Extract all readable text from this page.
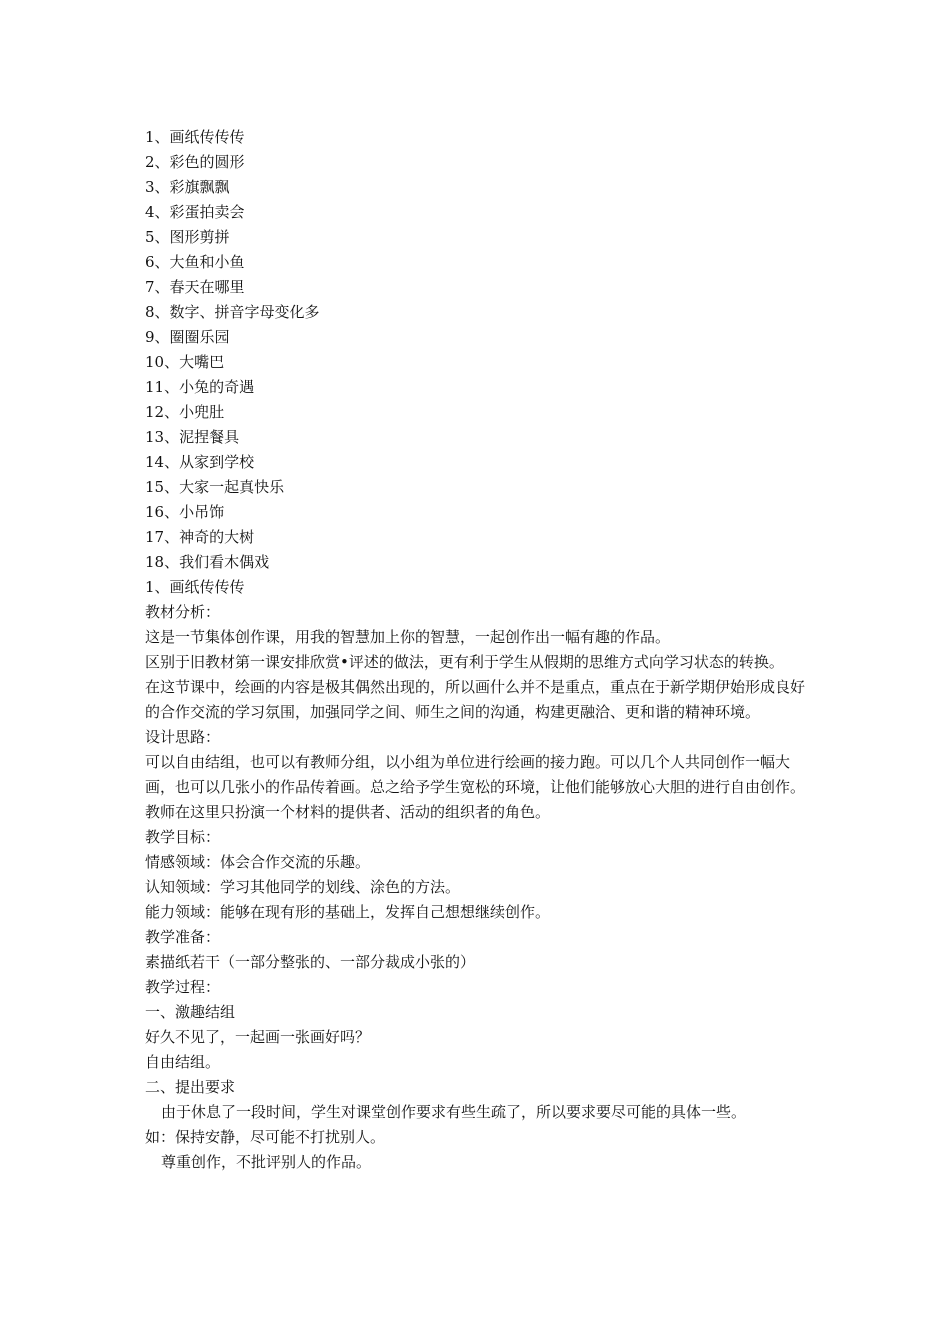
1、画纸传传传
2、彩色的圆形
3、彩旗飘飘
4、彩蛋拍卖会
5、图形剪拼
6、大鱼和小鱼
7、春天在哪里
8、数字、拼音字母变化多
9、圈圈乐园
10、大嘴巴
11、小兔的奇遇
12、小兜肚
13、泥捏餐具
14、从家到学校
15、大家一起真快乐
16、小吊饰
17、神奇的大树
18、我们看木偶戏
1、画纸传传传
教材分析：
这是一节集体创作课，用我的智慧加上你的智慧，一起创作出一幅有趣的作品。
区别于旧教材第一课安排欣赏•评述的做法，更有利于学生从假期的思维方式向学习状态的转换。
在这节课中，绘画的内容是极其偶然出现的，所以画什么并不是重点，重点在于新学期伊始形成良好的合作交流的学习氛围，加强同学之间、师生之间的沟通，构建更融洽、更和谐的精神环境。
设计思路：
可以自由结组，也可以有教师分组，以小组为单位进行绘画的接力跑。可以几个人共同创作一幅大画，也可以几张小的作品传着画。总之给予学生宽松的环境，让他们能够放心大胆的进行自由创作。教师在这里只扮演一个材料的提供者、活动的组织者的角色。
教学目标：
情感领域：体会合作交流的乐趣。
认知领域：学习其他同学的划线、涂色的方法。
能力领域：能够在现有形的基础上，发挥自己想想继续创作。
教学准备：
素描纸若干（一部分整张的、一部分裁成小张的）
教学过程：
一、激趣结组
好久不见了，一起画一张画好吗？
自由结组。
二、提出要求
由于休息了一段时间，学生对课堂创作要求有些生疏了，所以要求要尽可能的具体一些。
如：保持安静，尽可能不打扰别人。
尊重创作，不批评别人的作品。
